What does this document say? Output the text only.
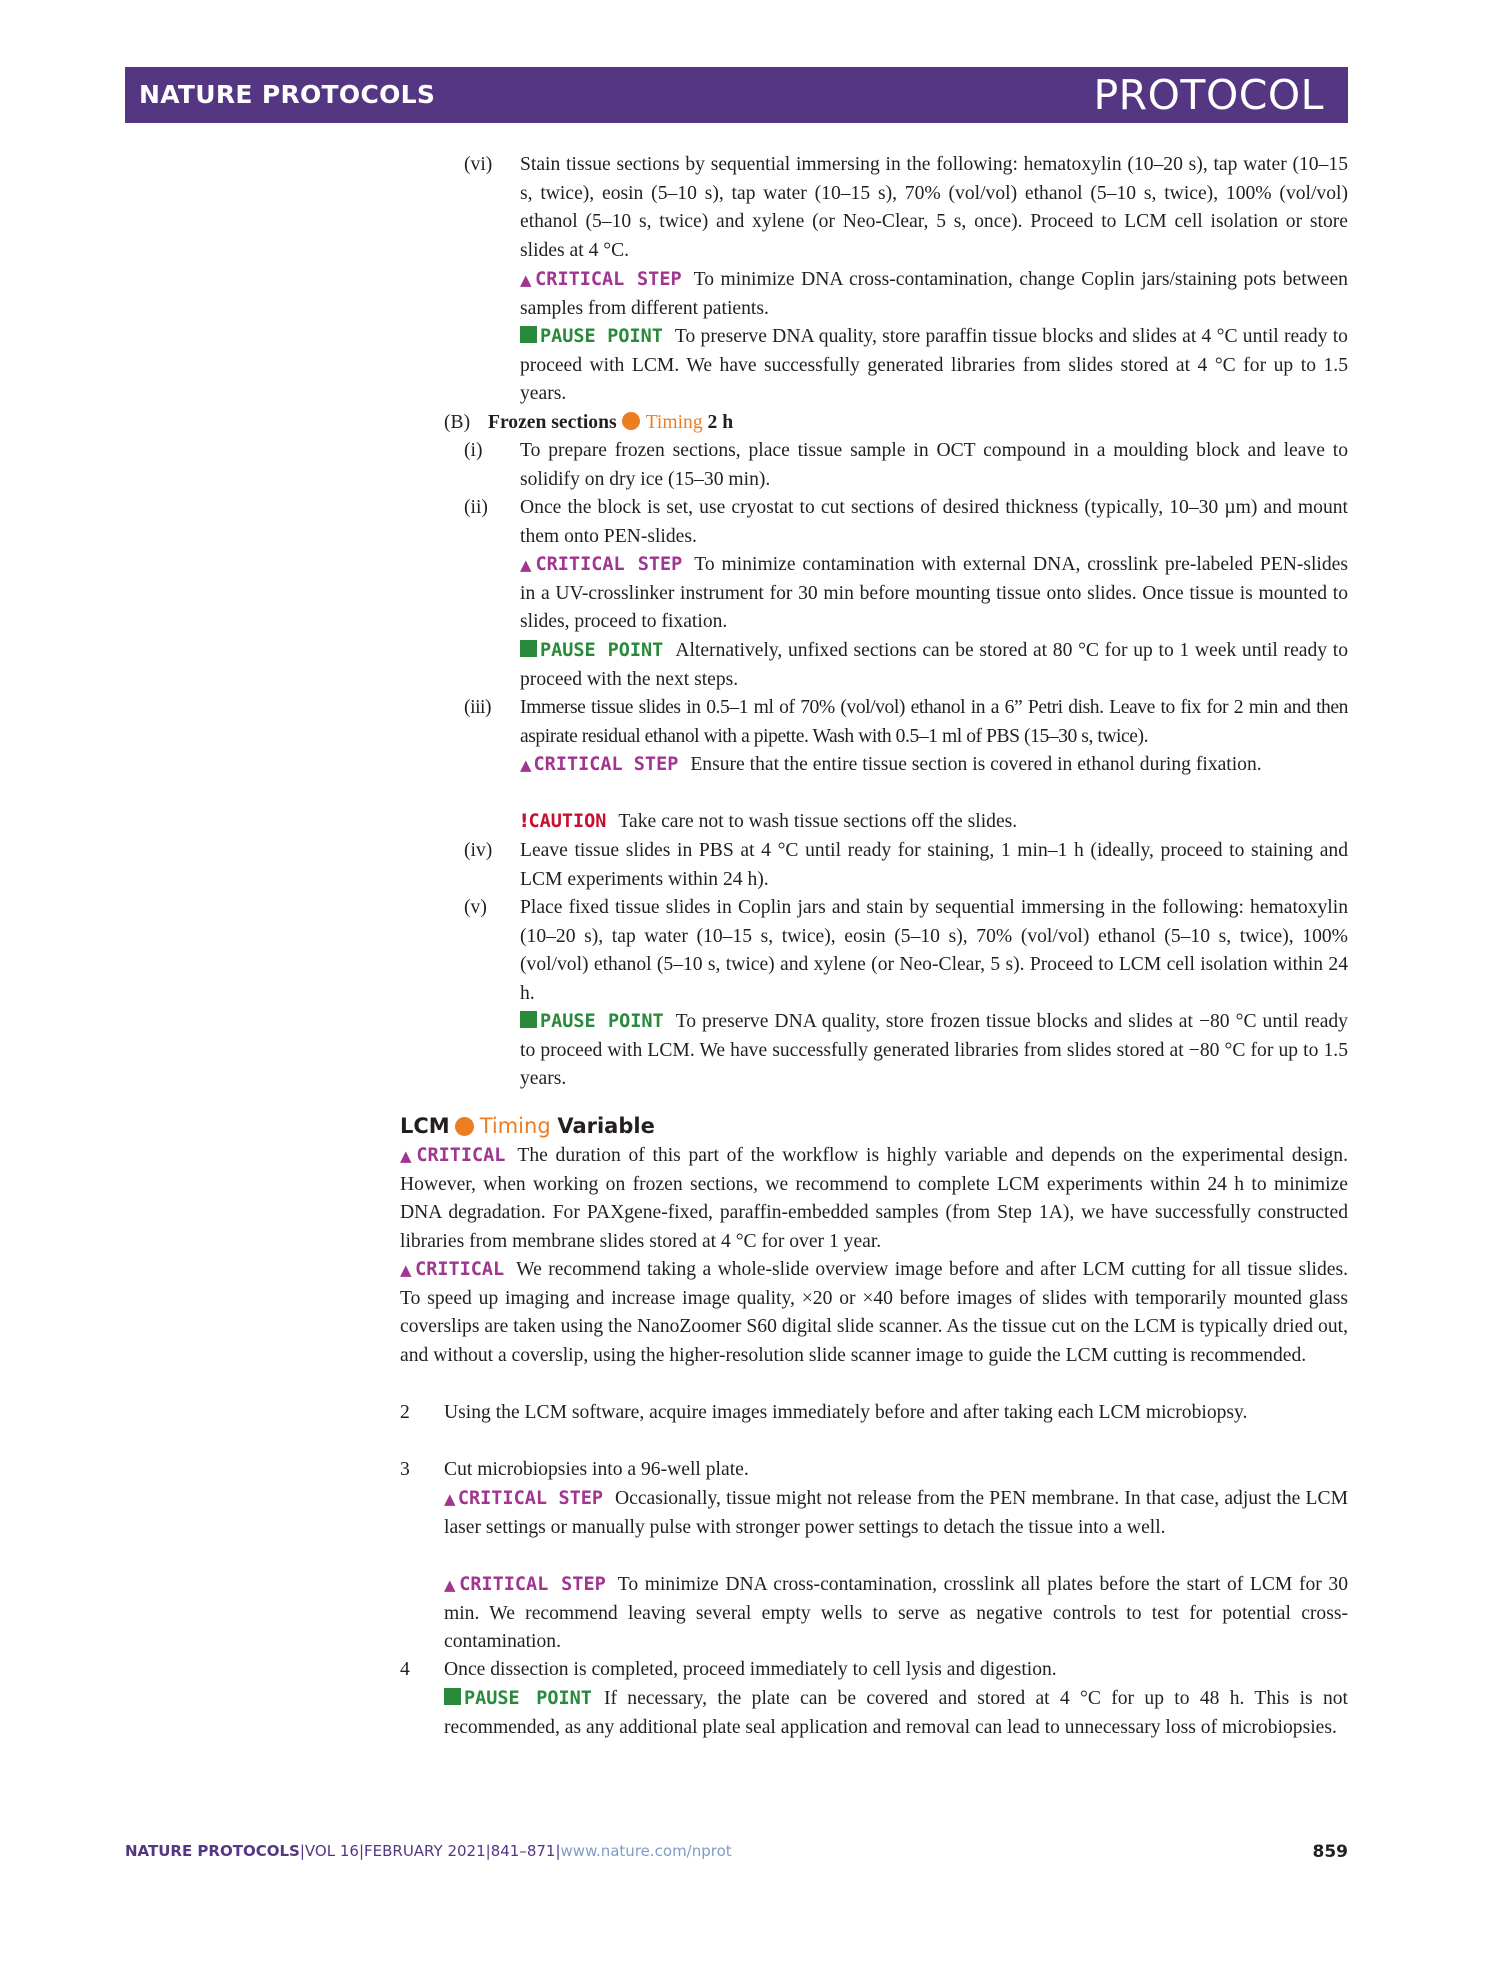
NATURE PROTOCOLS	PROTOCOL
(vi)	Stain tissue sections by sequential immersing in the following: hematoxylin (10–20 s), tap water (10–15 s, twice), eosin (5–10 s), tap water (10–15 s), 70% (vol/vol) ethanol (5–10 s, twice), 100% (vol/vol) ethanol (5–10 s, twice) and xylene (or Neo-Clear, 5 s, once). Proceed to LCM cell isolation or store slides at 4 °C.
▲ CRITICAL STEP To minimize DNA cross-contamination, change Coplin jars/staining pots between samples from different patients.
PAUSE POINT To preserve DNA quality, store paraffin tissue blocks and slides at 4 °C until ready to proceed with LCM. We have successfully generated libraries from slides stored at 4 °C for up to 1.5 years.
(B) Frozen sections Timing 2 h
(i)	To prepare frozen sections, place tissue sample in OCT compound in a moulding block and leave to solidify on dry ice (15–30 min).
(ii)	Once the block is set, use cryostat to cut sections of desired thickness (typically, 10–30 µm) and mount them onto PEN-slides.
▲ CRITICAL STEP To minimize contamination with external DNA, crosslink pre-labeled PEN-slides in a UV-crosslinker instrument for 30 min before mounting tissue onto slides. Once tissue is mounted to slides, proceed to fixation.
PAUSE POINT Alternatively, unfixed sections can be stored at 80 °C for up to 1 week until ready to proceed with the next steps.
(iii)	Immerse tissue slides in 0.5–1 ml of 70% (vol/vol) ethanol in a 6” Petri dish. Leave to fix for 2 min and then aspirate residual ethanol with a pipette. Wash with 0.5–1 ml of PBS (15–30 s, twice).
▲ CRITICAL STEP Ensure that the entire tissue section is covered in ethanol during fixation.
!CAUTION Take care not to wash tissue sections off the slides.
(iv)	Leave tissue slides in PBS at 4 °C until ready for staining, 1 min–1 h (ideally, proceed to staining and LCM experiments within 24 h).
(v)	Place fixed tissue slides in Coplin jars and stain by sequential immersing in the following: hematoxylin (10–20 s), tap water (10–15 s, twice), eosin (5–10 s), 70% (vol/vol) ethanol (5–10 s, twice), 100% (vol/vol) ethanol (5–10 s, twice) and xylene (or Neo-Clear, 5 s). Proceed to LCM cell isolation within 24 h.
PAUSE POINT To preserve DNA quality, store frozen tissue blocks and slides at −80 °C until ready to proceed with LCM. We have successfully generated libraries from slides stored at −80 °C for up to 1.5 years.
LCM Timing Variable
▲ CRITICAL The duration of this part of the workflow is highly variable and depends on the experimental design. However, when working on frozen sections, we recommend to complete LCM experiments within 24 h to minimize DNA degradation. For PAXgene-fixed, paraffin-embedded samples (from Step 1A), we have successfully constructed libraries from membrane slides stored at 4 °C for over 1 year.
▲ CRITICAL We recommend taking a whole-slide overview image before and after LCM cutting for all tissue slides. To speed up imaging and increase image quality, ×20 or ×40 before images of slides with temporarily mounted glass coverslips are taken using the NanoZoomer S60 digital slide scanner. As the tissue cut on the LCM is typically dried out, and without a coverslip, using the higher-resolution slide scanner image to guide the LCM cutting is recommended.
2 Using the LCM software, acquire images immediately before and after taking each LCM microbiopsy.
3 Cut microbiopsies into a 96-well plate.
▲ CRITICAL STEP Occasionally, tissue might not release from the PEN membrane. In that case, adjust the LCM laser settings or manually pulse with stronger power settings to detach the tissue into a well.
▲ CRITICAL STEP To minimize DNA cross-contamination, crosslink all plates before the start of LCM for 30 min. We recommend leaving several empty wells to serve as negative controls to test for potential cross-contamination.
4 Once dissection is completed, proceed immediately to cell lysis and digestion.
PAUSE POINT If necessary, the plate can be covered and stored at 4 °C for up to 48 h. This is not recommended, as any additional plate seal application and removal can lead to unnecessary loss of microbiopsies.
NATURE PROTOCOLS|VOL 16|FEBRUARY 2021|841–871|www.nature.com/nprot	859
